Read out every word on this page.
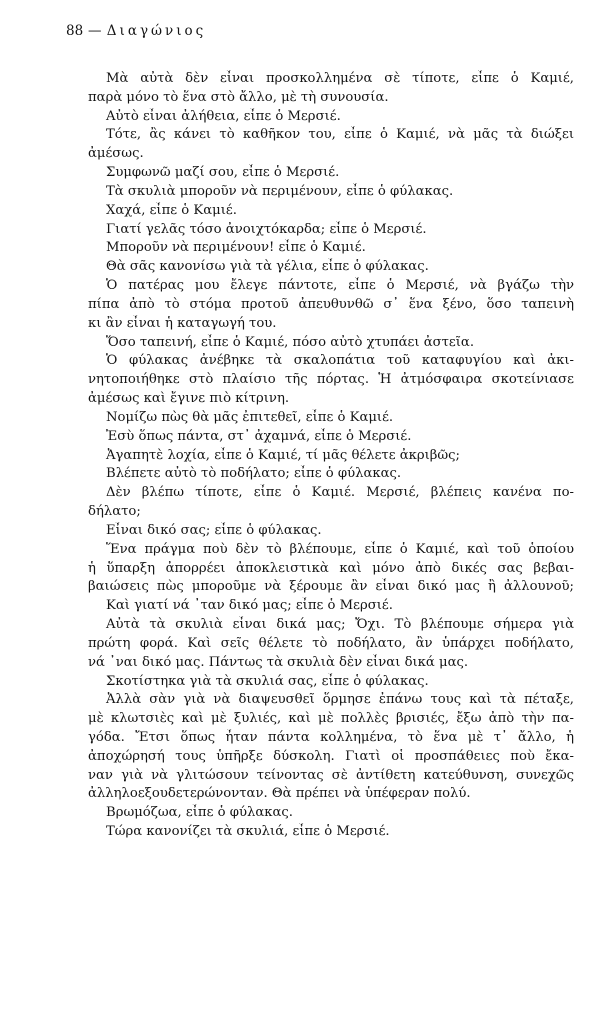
88 — Διαγώνιος
Μὰ αὐτὰ δὲν εἶναι προσκολλημένα σὲ τίποτε, εἶπε ὁ Καμιέ,
παρὰ μόνο τὸ ἕνα στὸ ἄλλο, μὲ τὴ συνουσία.
Αὐτὸ εἶναι ἀλήθεια, εἶπε ὁ Μερσιέ.
Τότε, ἂς κάνει τὸ καθῆκον του, εἶπε ὁ Καμιέ, νὰ μᾶς τὰ διώξει
ἀμέσως.
Συμφωνῶ μαζί σου, εἶπε ὁ Μερσιέ.
Τὰ σκυλιὰ μποροῦν νὰ περιμένουν, εἶπε ὁ φύλακας.
Χαχά, εἶπε ὁ Καμιέ.
Γιατί γελᾶς τόσο ἀνοιχτόκαρδα; εἶπε ὁ Μερσιέ.
Μποροῦν νὰ περιμένουν! εἶπε ὁ Καμιέ.
Θὰ σᾶς κανονίσω γιὰ τὰ γέλια, εἶπε ὁ φύλακας.
Ὁ πατέρας μου ἔλεγε πάντοτε, εἶπε ὁ Μερσιέ, νὰ βγάζω τὴν
πίπα ἀπὸ τὸ στόμα προτοῦ ἀπευθυνθῶ σ᾽ ἕνα ξένο, ὅσο ταπεινὴ
κι ἂν εἶναι ἡ καταγωγή του.
Ὅσο ταπεινή, εἶπε ὁ Καμιέ, πόσο αὐτὸ χτυπάει ἀστεῖα.
Ὁ φύλακας ἀνέβηκε τὰ σκαλοπάτια τοῦ καταφυγίου καὶ ἀκι-
νητοποιήθηκε στὸ πλαίσιο τῆς πόρτας. Ἡ ἀτμόσφαιρα σκοτείνιασε
ἀμέσως καὶ ἔγινε πιὸ κίτρινη.
Νομίζω πὼς θὰ μᾶς ἐπιτεθεῖ, εἶπε ὁ Καμιέ.
Ἐσὺ ὅπως πάντα, στ᾽ ἀχαμνά, εἶπε ὁ Μερσιέ.
Ἀγαπητὲ λοχία, εἶπε ὁ Καμιέ, τί μᾶς θέλετε ἀκριβῶς;
Βλέπετε αὐτὸ τὸ ποδήλατο; εἶπε ὁ φύλακας.
Δὲν βλέπω τίποτε, εἶπε ὁ Καμιέ. Μερσιέ, βλέπεις κανένα πο-
δήλατο;
Εἶναι δικό σας; εἶπε ὁ φύλακας.
Ἕνα πράγμα ποὺ δὲν τὸ βλέπουμε, εἶπε ὁ Καμιέ, καὶ τοῦ ὁποίου
ἡ ὕπαρξη ἀπορρέει ἀποκλειστικὰ καὶ μόνο ἀπὸ δικές σας βεβαι-
βαιώσεις πὼς μποροῦμε νὰ ξέρουμε ἂν εἶναι δικό μας ἢ ἀλλουνοῦ;
Καὶ γιατί νά ᾽ταν δικό μας; εἶπε ὁ Μερσιέ.
Αὐτὰ τὰ σκυλιὰ εἶναι δικά μας; Ὄχι. Τὸ βλέπουμε σήμερα γιὰ
πρώτη φορά. Καὶ σεῖς θέλετε τὸ ποδήλατο, ἂν ὑπάρχει ποδήλατο,
νά ᾽ναι δικό μας. Πάντως τὰ σκυλιὰ δὲν εἶναι δικά μας.
Σκοτίστηκα γιὰ τὰ σκυλιά σας, εἶπε ὁ φύλακας.
Ἀλλὰ σὰν γιὰ νὰ διαψευσθεῖ ὅρμησε ἐπάνω τους καὶ τὰ πέταξε,
μὲ κλωτσιὲς καὶ μὲ ξυλιές, καὶ μὲ πολλὲς βρισιές, ἔξω ἀπὸ τὴν πα-
γόδα. Ἔτσι ὅπως ἦταν πάντα κολλημένα, τὸ ἕνα μὲ τ᾽ ἄλλο, ἡ
ἀποχώρησή τους ὑπῆρξε δύσκολη. Γιατὶ οἱ προσπάθειες ποὺ ἔκα-
ναν γιὰ νὰ γλιτώσουν τείνοντας σὲ ἀντίθετη κατεύθυνση, συνεχῶς
ἀλληλοεξουδετερώνονταν. Θὰ πρέπει νὰ ὑπέφεραν πολύ.
Βρωμόζωα, εἶπε ὁ φύλακας.
Τώρα κανονίζει τὰ σκυλιά, εἶπε ὁ Μερσιέ.
